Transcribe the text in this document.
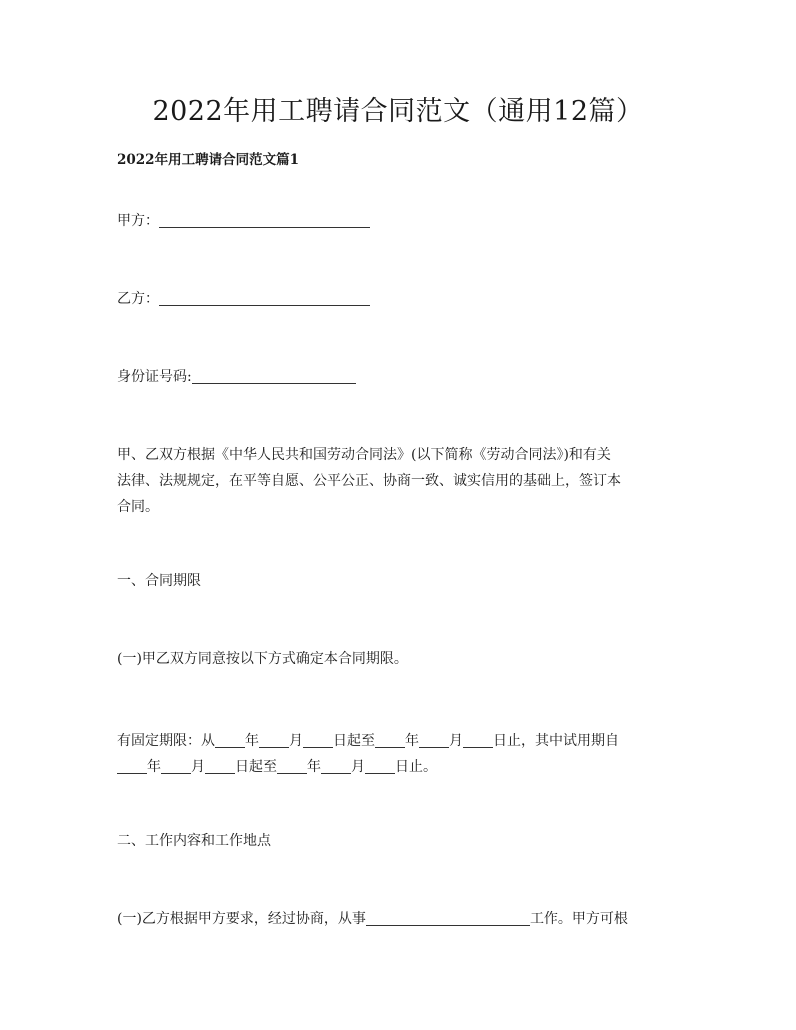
2022年用工聘请合同范文（通用12篇）

2022年用工聘请合同范文篇1

甲方：

乙方：

身份证号码:

甲、乙双方根据《中华人民共和国劳动合同法》(以下简称《劳动合同法》)和有关

法律、法规规定，在平等自愿、公平公正、协商一致、诚实信用的基础上，签订本

合同。

一、合同期限

(一)甲乙双方同意按以下方式确定本合同期限。

有固定期限：从 年 月 日起至 年 月 日止，其中试用期自

年 月 日起至 年 月 日止。

二、工作内容和工作地点

(一)乙方根据甲方要求，经过协商，从事	工作。甲方可根
